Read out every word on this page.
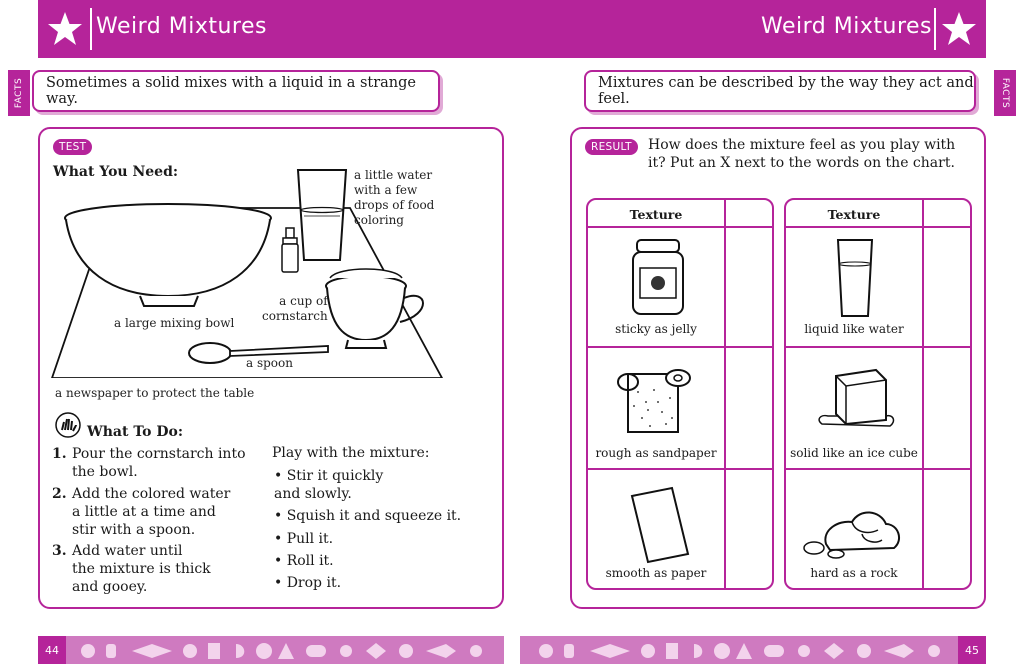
Weird Mixtures	Weird Mixtures
FACTS	FACTS
Sometimes a solid mixes with a liquid in a strange way.
Mixtures can be described by the way they act and feel.
TEST
What You Need:	a little water
with a few
drops of food
coloring
a cup of
cornstarch
a large mixing bowl
a spoon
a newspaper to protect the table
What To Do:
1. Pour the cornstarch into
the bowl.
2. Add the colored water
a little at a time and
stir with a spoon.
3. Add water until
the mixture is thick
and gooey.
Play with the mixture:
• Stir it quickly
and slowly.
• Squish it and squeeze it.
• Pull it.
• Roll it.
• Drop it.
RESULT	How does the mixture feel as you play with
it? Put an X next to the words on the chart.
Texture
sticky as jelly
rough as sandpaper
smooth as paper
Texture
liquid like water
solid like an ice cube
hard as a rock
44	45
